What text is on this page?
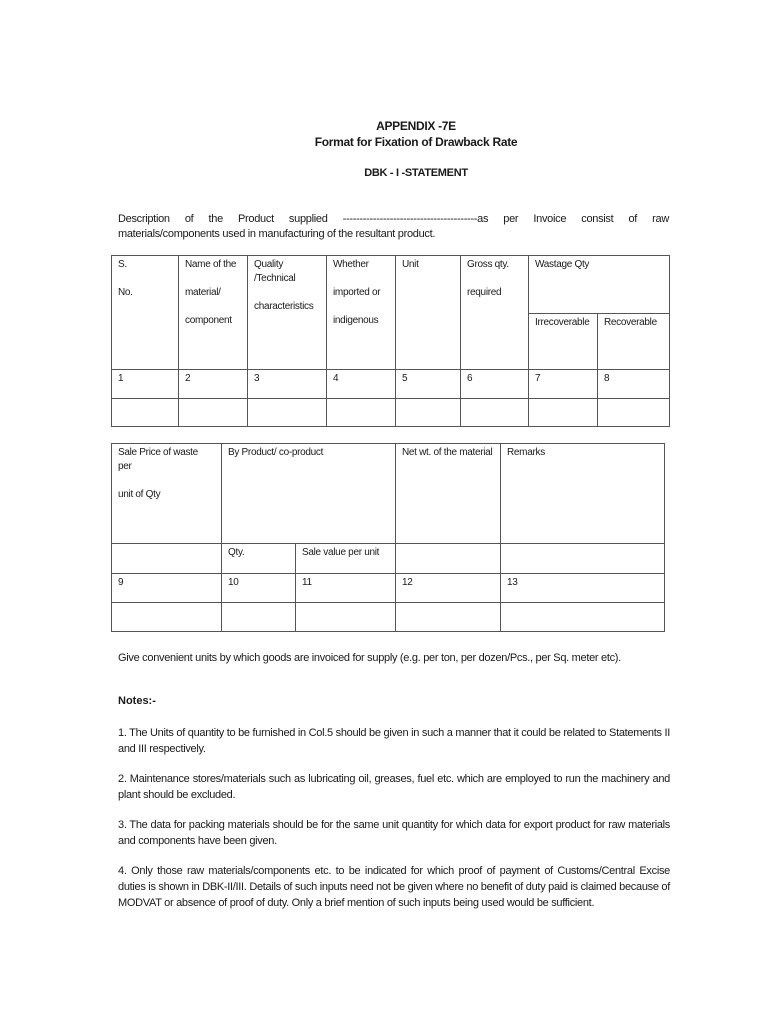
APPENDIX -7E
Format for Fixation of Drawback Rate
DBK - I -STATEMENT

Description of the Product supplied ----------------------------------------as per Invoice consist of raw

materials/components used in manufacturing of the resultant product.

S.
No.	Name of the
material/
component	Quality
/Technical
characteristics	Whether
imported or
indigenous	Unit	Gross qty.
required	Wastage Qty	

						Irrecoverable	Recoverable

1	2	3	4	5	6	7	8

Sale Price of waste
per
unit of Qty	By Product/ co-product		Net wt. of the material	Remarks

	Qty.	Sale value per unit		

9	10	11	12	13

Give convenient units by which goods are invoiced for supply (e.g. per ton, per dozen/Pcs., per Sq. meter etc).

Notes:-

1. The Units of quantity to be furnished in Col.5 should be given in such a manner that it could be related to Statements II and III respectively.

2. Maintenance stores/materials such as lubricating oil, greases, fuel etc. which are employed to run the machinery and plant should be excluded.

3. The data for packing materials should be for the same unit quantity for which data for export product for raw materials and components have been given.

4. Only those raw materials/components etc. to be indicated for which proof of payment of Customs/Central Excise duties is shown in DBK-II/III. Details of such inputs need not be given where no benefit of duty paid is claimed because of MODVAT or absence of proof of duty. Only a brief mention of such inputs being used would be sufficient.
